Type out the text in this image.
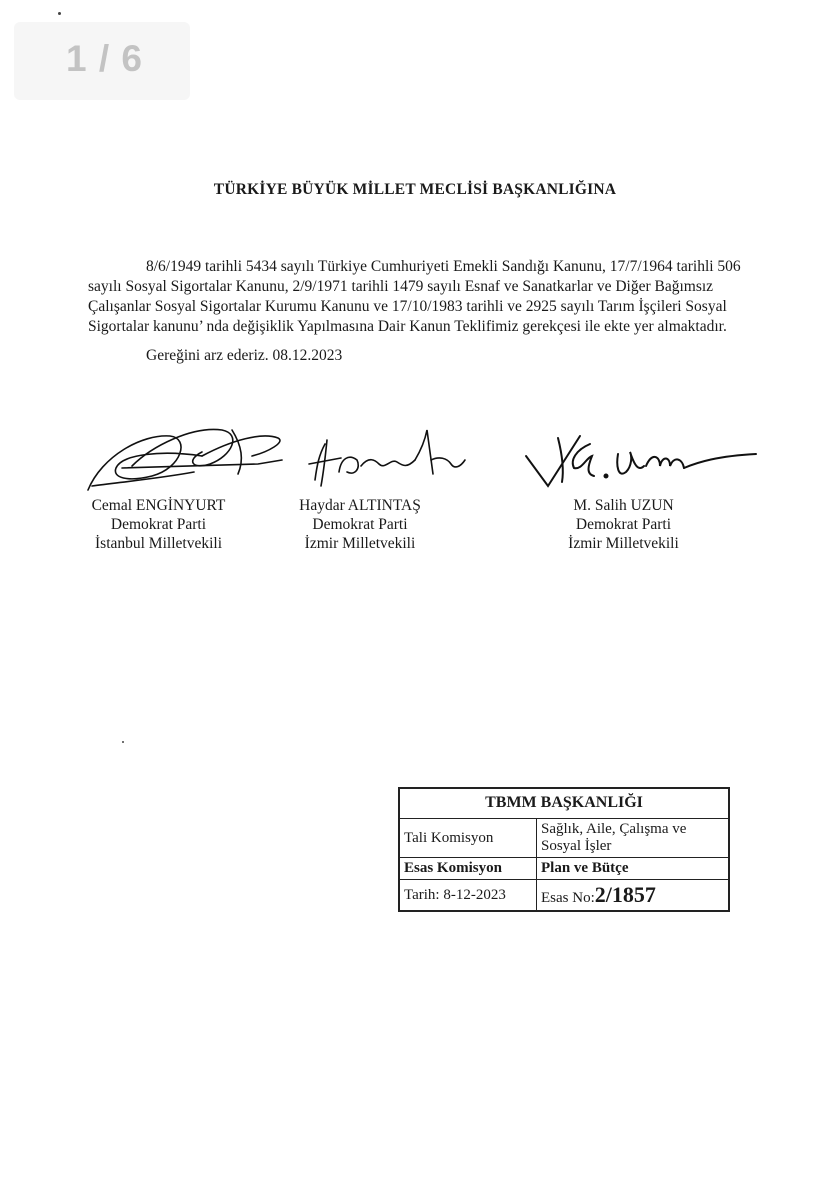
1 / 6
TÜRKİYE BÜYÜK MİLLET MECLİSİ BAŞKANLIĞINA
8/6/1949 tarihli 5434 sayılı Türkiye Cumhuriyeti Emekli Sandığı Kanunu, 17/7/1964 tarihli 506
sayılı Sosyal Sigortalar Kanunu, 2/9/1971 tarihli 1479 sayılı Esnaf ve Sanatkarlar ve Diğer Bağımsız
Çalışanlar Sosyal Sigortalar Kurumu Kanunu ve 17/10/1983 tarihli ve 2925 sayılı Tarım İşçileri Sosyal
Sigortalar kanunu’ nda değişiklik Yapılmasına Dair Kanun Teklifimiz gerekçesi ile ekte yer almaktadır.
Gereğini arz ederiz. 08.12.2023
Cemal ENGİNYURT
Demokrat Parti
İstanbul Milletvekili
Haydar ALTINTAŞ
Demokrat Parti
İzmir Milletvekili
M. Salih UZUN
Demokrat Parti
İzmir Milletvekili
TBMM BAŞKANLIĞI	
Tali Komisyon	Sağlık, Aile, Çalışma ve
Sosyal İşler

Esas Komisyon	Plan ve Bütçe
Tarih: 8-12-2023	Esas No:2/1857
